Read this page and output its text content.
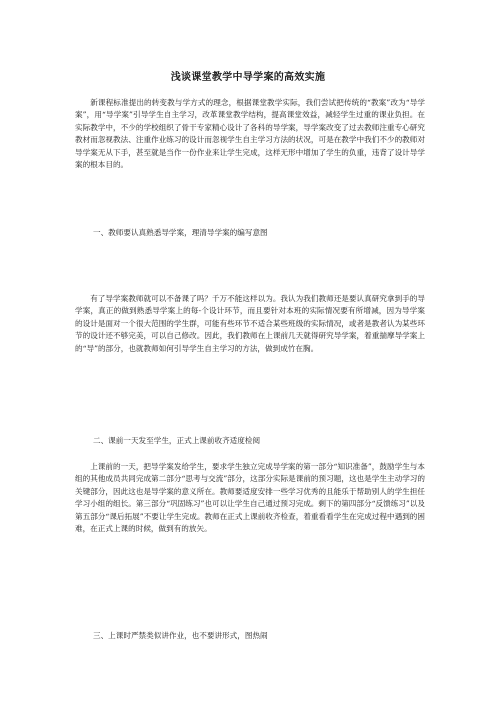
浅谈课堂教学中导学案的高效实施

新课程标准提出的转变教与学方式的理念，根据课堂教学实际，我们尝试把传统的“教案”改为“导学案”，用“导学案”引导学生自主学习，改革课堂教学结构，提高课堂效益，减轻学生过重的课业负担。在实际教学中，不少的学校组织了骨干专家精心设计了各科的导学案，导学案改变了过去教师注重专心研究教材而忽视教法、注重作业练习的设计而忽视学生自主学习方法的状况，可是在教学中我们不少的教师对导学案无从下手，甚至就是当作一份作业来让学生完成，这样无形中增加了学生的负重，违背了设计导学案的根本目的。

一、教师要认真熟悉导学案，理清导学案的编写意图

有了导学案教师就可以不备课了吗？千万不能这样以为。我认为我们教师还是要认真研究拿到手的导学案，真正的做到熟悉导学案上的每-个设计环节，而且要针对本班的实际情况要有所增减，因为导学案的设计是面对一个很大范围的学生群，可能有些环节不适合某些班级的实际情况，或者是教者认为某些环节的设计还不够完美，可以自己修改。因此，我们教师在上课前几天就得研究导学案，着重揣摩导学案上的“导”的部分，也就教师如何引导学生自主学习的方法，做到成竹在胸。

二、课前一天发至学生，正式上课前收齐适度检阅

上课前的一天，把导学案发给学生，要求学生独立完成导学案的第一部分“知识准备”，鼓励学生与本组的其他成员共同完成第二部分“思考与交流”部分，这部分实际是课前的预习题，这也是学生主动学习的关键部分，因此这也是导学案的意义所在。教师要适度安排一些学习优秀的且能乐于帮助别人的学生担任学习小组的组长。第三部分“巩固练习”也可以让学生自己通过预习完成。剩下的第四部分“反馈练习”以及第五部分“课后拓展”不要让学生完成。教师在正式上课前收齐检查，着重看看学生在完成过程中遇到的困难，在正式上课的时候，做到有的放矢。

三、上课时严禁类似讲作业，也不要讲形式，图热闹
